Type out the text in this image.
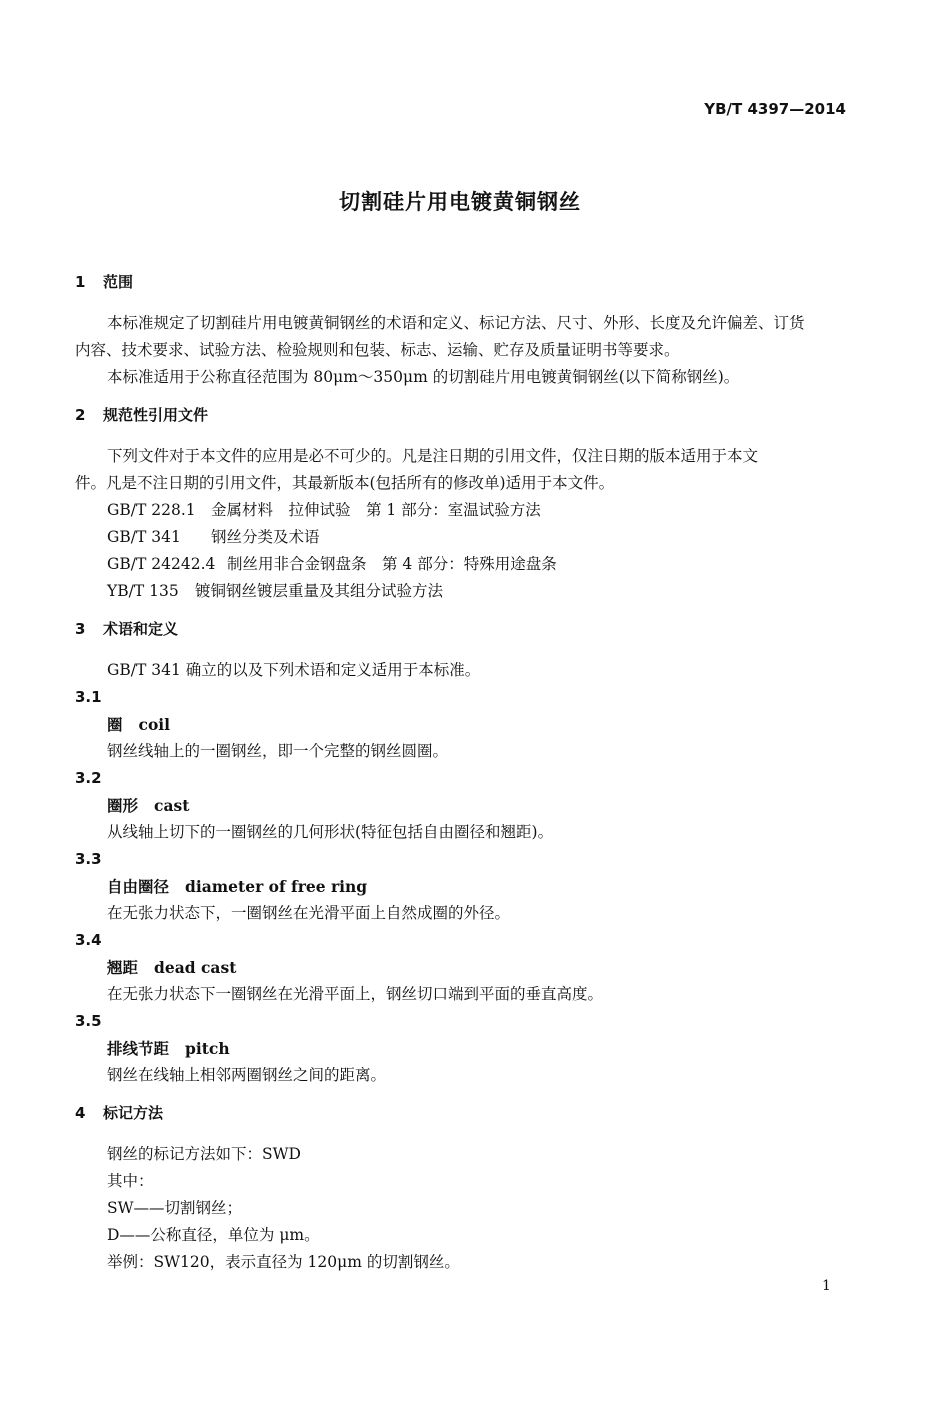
YB/T 4397—2014
切割硅片用电镀黄铜钢丝
1 范围
本标准规定了切割硅片用电镀黄铜钢丝的术语和定义、标记方法、尺寸、外形、长度及允许偏差、订货
内容、技术要求、试验方法、检验规则和包装、标志、运输、贮存及质量证明书等要求。
本标准适用于公称直径范围为 80μm～350μm 的切割硅片用电镀黄铜钢丝(以下简称钢丝)。
2 规范性引用文件
下列文件对于本文件的应用是必不可少的。凡是注日期的引用文件，仅注日期的版本适用于本文
件。凡是不注日期的引用文件，其最新版本(包括所有的修改单)适用于本文件。
GB/T 228.1 金属材料　拉伸试验　第 1 部分：室温试验方法
GB/T 341 钢丝分类及术语
GB/T 24242.4 制丝用非合金钢盘条　第 4 部分：特殊用途盘条
YB/T 135 镀铜钢丝镀层重量及其组分试验方法
3 术语和定义
GB/T 341 确立的以及下列术语和定义适用于本标准。
3.1
圈 coil
钢丝线轴上的一圈钢丝，即一个完整的钢丝圆圈。
3.2
圈形 cast
从线轴上切下的一圈钢丝的几何形状(特征包括自由圈径和翘距)。
3.3
自由圈径 diameter of free ring
在无张力状态下，一圈钢丝在光滑平面上自然成圈的外径。
3.4
翘距 dead cast
在无张力状态下一圈钢丝在光滑平面上，钢丝切口端到平面的垂直高度。
3.5
排线节距 pitch
钢丝在线轴上相邻两圈钢丝之间的距离。
4 标记方法
钢丝的标记方法如下：SWD
其中：
SW——切割钢丝；
D——公称直径，单位为 μm。
举例：SW120，表示直径为 120μm 的切割钢丝。
1
